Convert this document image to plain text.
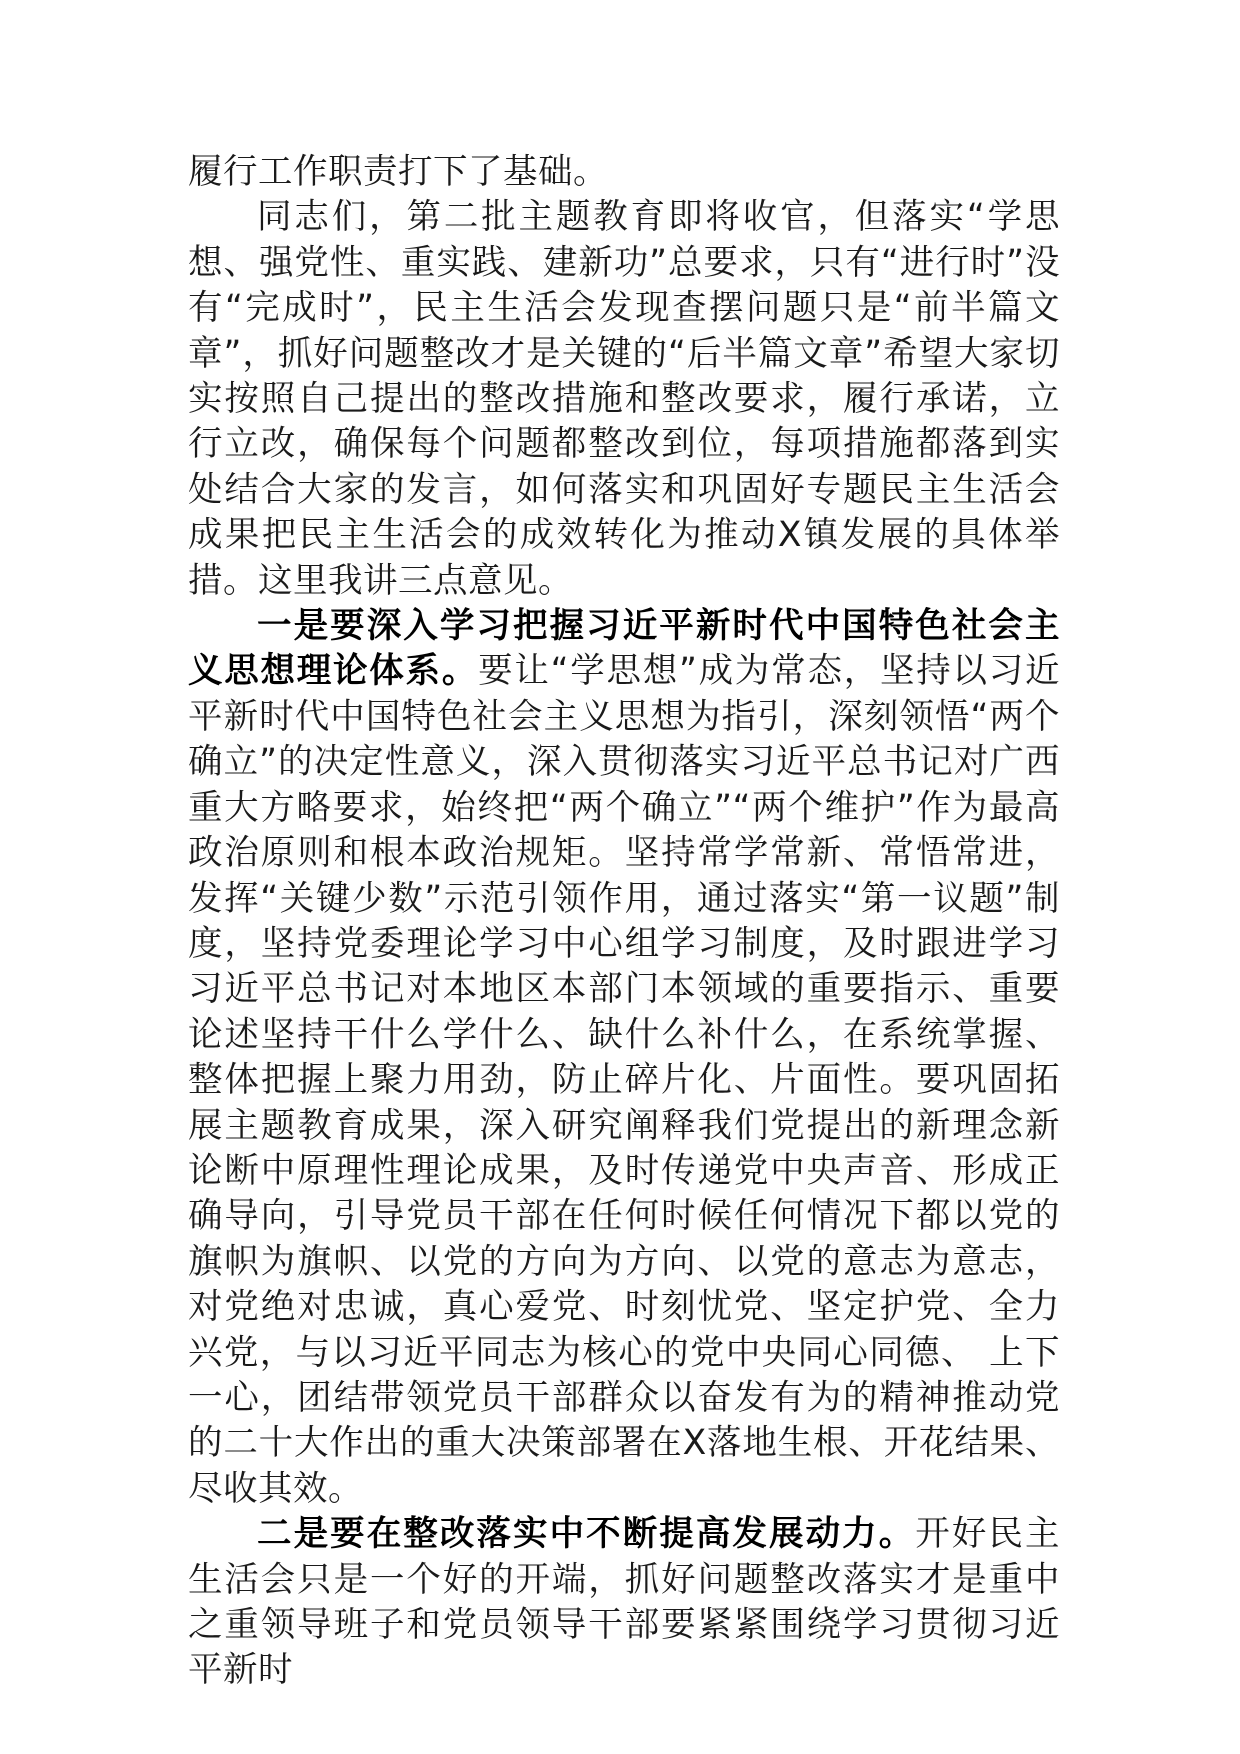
履行工作职责打下了基础。

同志们，第二批主题教育即将收官，但落实“学思想、强党性、重实践、建新功”总要求，只有“进行时”没有“完成时”，民主生活会发现查摆问题只是“前半篇文章”，抓好问题整改才是关键的“后半篇文章”希望大家切实按照自己提出的整改措施和整改要求，履行承诺，立行立改，确保每个问题都整改到位，每项措施都落到实处结合大家的发言，如何落实和巩固好专题民主生活会成果把民主生活会的成效转化为推动X镇发展的具体举措。这里我讲三点意见。

一是要深入学习把握习近平新时代中国特色社会主义思想理论体系。要让“学思想”成为常态，坚持以习近平新时代中国特色社会主义思想为指引，深刻领悟“两个确立”的决定性意义，深入贯彻落实习近平总书记对广西重大方略要求，始终把“两个确立”“两个维护”作为最高政治原则和根本政治规矩。坚持常学常新、常悟常进，发挥“关键少数”示范引领作用，通过落实“第一议题”制度，坚持党委理论学习中心组学习制度，及时跟进学习习近平总书记对本地区本部门本领域的重要指示、重要论述坚持干什么学什么、缺什么补什么，在系统掌握、整体把握上聚力用劲，防止碎片化、片面性。要巩固拓展主题教育成果，深入研究阐释我们党提出的新理念新论断中原理性理论成果，及时传递党中央声音、形成正确导向，引导党员干部在任何时候任何情况下都以党的旗帜为旗帜、以党的方向为方向、以党的意志为意志，对党绝对忠诚，真心爱党、时刻忧党、坚定护党、全力兴党，与以习近平同志为核心的党中央同心同德、 上下一心，团结带领党员干部群众以奋发有为的精神推动党的二十大作出的重大决策部署在X落地生根、开花结果、尽收其效。

二是要在整改落实中不断提高发展动力。开好民主生活会只是一个好的开端，抓好问题整改落实才是重中之重领导班子和党员领导干部要紧紧围绕学习贯彻习近平新时
